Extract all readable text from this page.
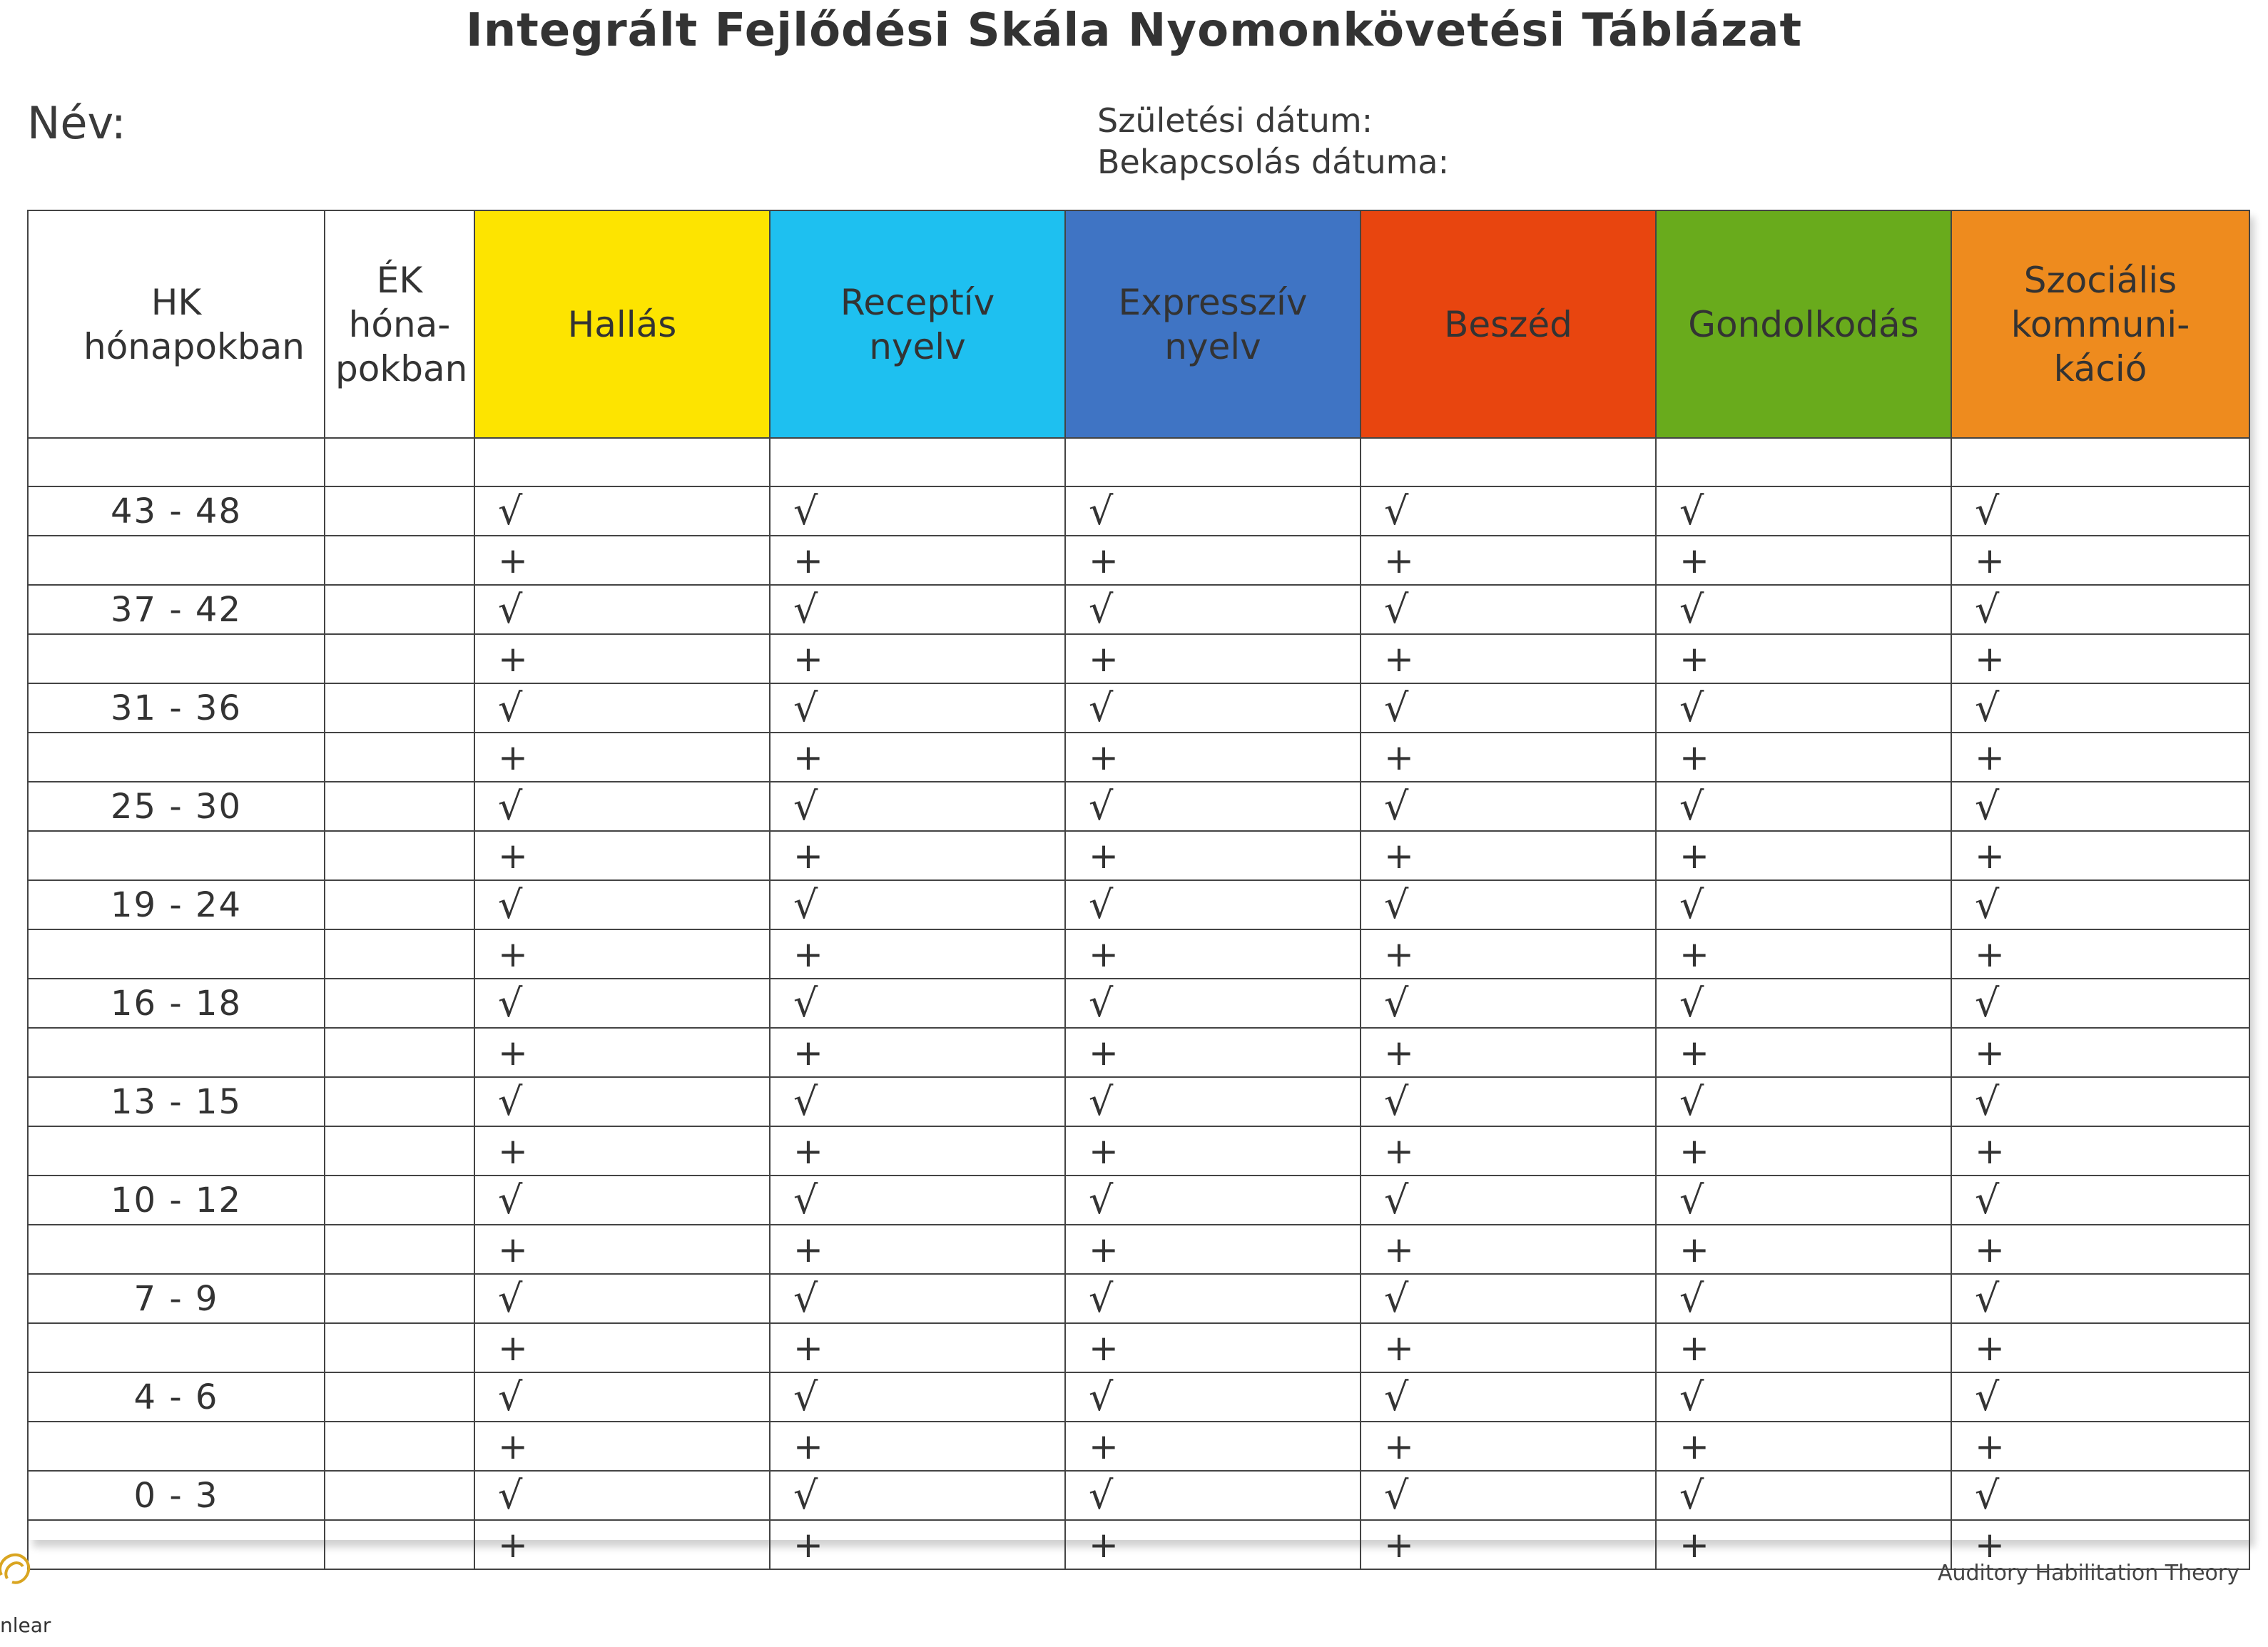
Integrált Fejlődési Skála Nyomonkövetési Táblázat
Név:	Születési dátum:
Bekapcsolás dátuma:
HK hónapokban	ÉK hóna-pokban	Hallás	Receptív nyelv	Expresszív nyelv	Beszéd	Gondolkodás	Szociális kommuni-káció

43 - 48		√	√	√	√	√	√
		+	+	+	+	+	+
37 - 42		√	√	√	√	√	√
		+	+	+	+	+	+
31 - 36		√	√	√	√	√	√
		+	+	+	+	+	+
25 - 30		√	√	√	√	√	√
		+	+	+	+	+	+
19 - 24		√	√	√	√	√	√
		+	+	+	+	+	+
16 - 18		√	√	√	√	√	√
		+	+	+	+	+	+
13 - 15		√	√	√	√	√	√
		+	+	+	+	+	+
10 - 12		√	√	√	√	√	√
		+	+	+	+	+	+
7 - 9		√	√	√	√	√	√
		+	+	+	+	+	+
4 - 6		√	√	√	√	√	√
		+	+	+	+	+	+
0 - 3		√	√	√	√	√	√
		+	+	+	+	+	+
nlear
Auditory Habilitation Theory
